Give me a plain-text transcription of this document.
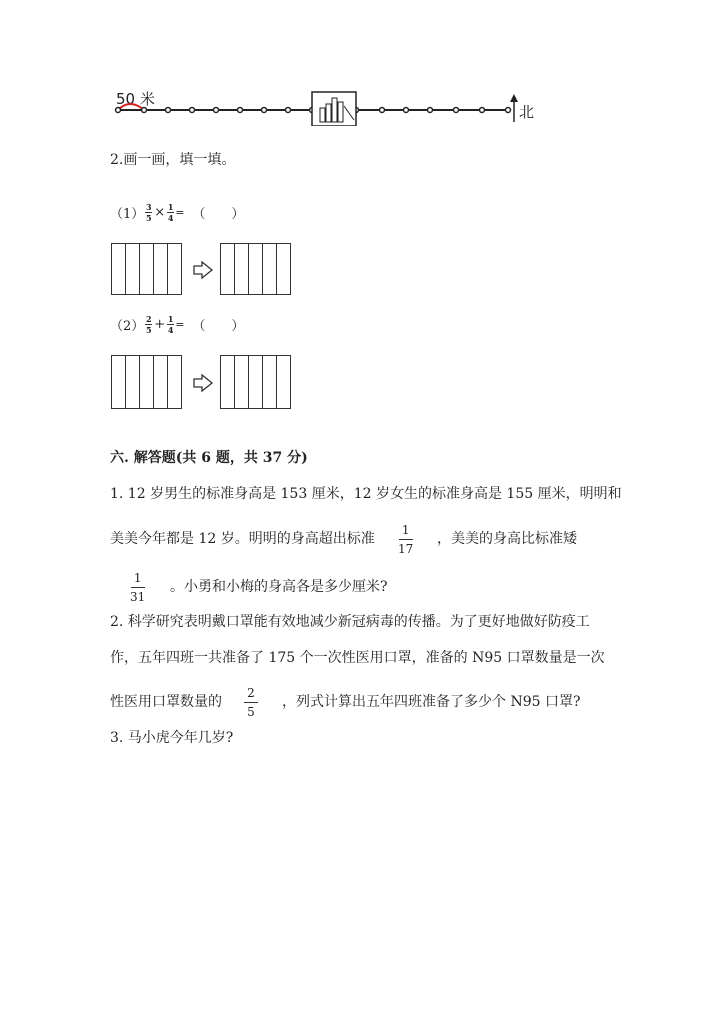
50 米
北
2.画一画，填一填。
（1） 3
5 × 1
4 = （　　）
（2） 2
5 + 1
4 = （　　）
六. 解答题(共 6 题，共 37 分)
1. 12 岁男生的标准身高是 153 厘米，12 岁女生的标准身高是 155 厘米，明明和
美美今年都是 12 岁。明明的身高超出标准
1
17
，美美的身高比标准矮
1
31
。小勇和小梅的身高各是多少厘米?
2. 科学研究表明戴口罩能有效地减少新冠病毒的传播。为了更好地做好防疫工
作，五年四班一共准备了 175 个一次性医用口罩，准备的 N95 口罩数量是一次
性医用口罩数量的
2
5
，列式计算出五年四班准备了多少个 N95 口罩?
3. 马小虎今年几岁?
